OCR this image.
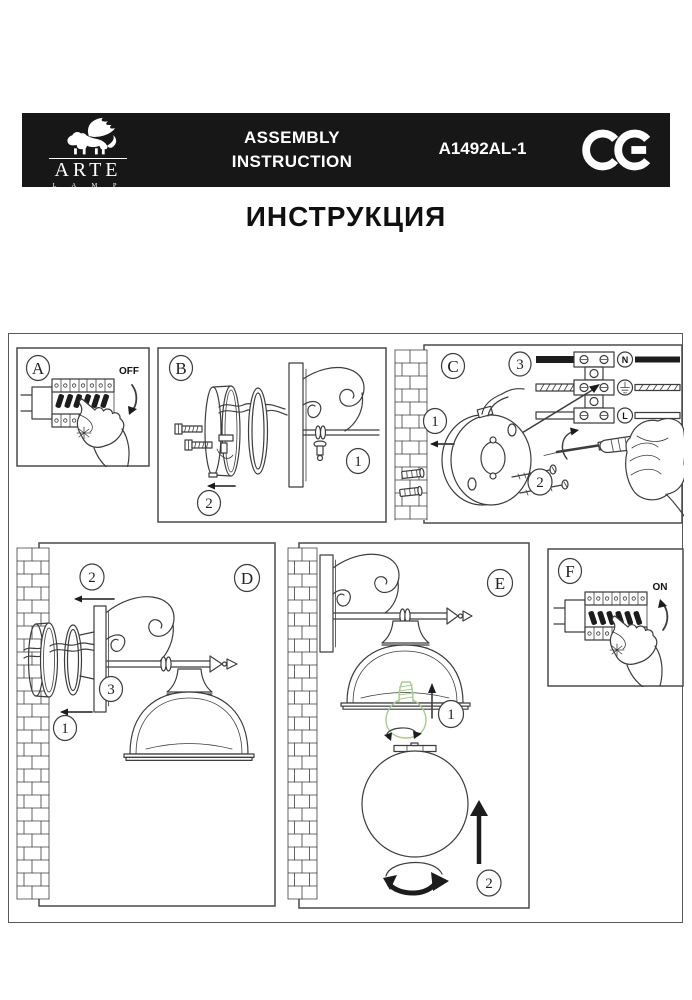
ARTE
L A M P
ASSEMBLY
INSTRUCTION
A1492AL-1
ИНСТРУКЦИЯ
A	OFF B
1
2
C	3	N
L
1
2
2	D
3
1
E
1
2
F
ON
